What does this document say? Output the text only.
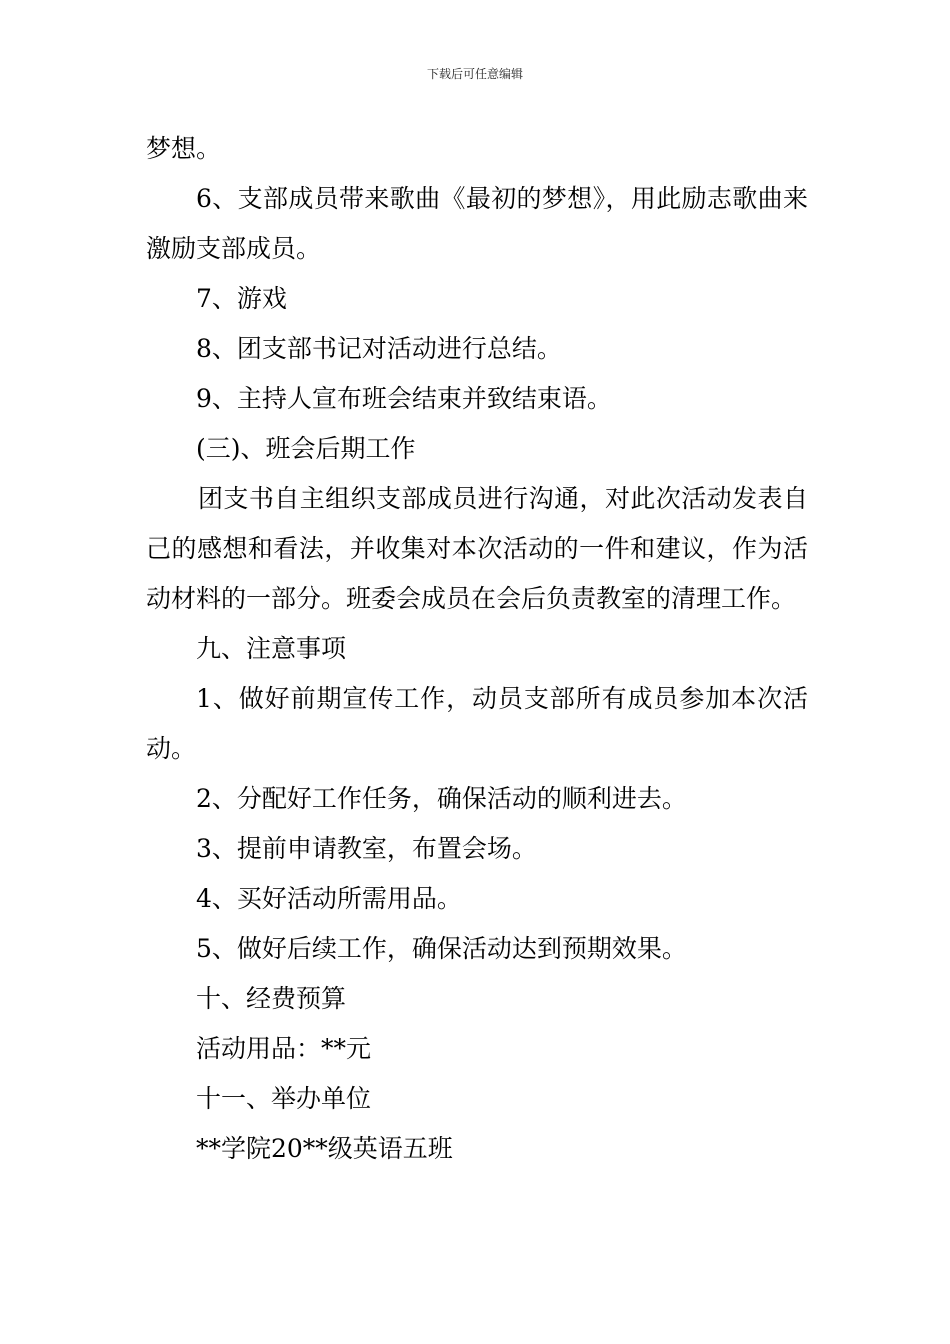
下载后可任意编辑

梦想。

6、支部成员带来歌曲《最初的梦想》，用此励志歌曲来激励支部成员。

7、游戏

8、团支部书记对活动进行总结。

9、主持人宣布班会结束并致结束语。

(三)、班会后期工作

团支书自主组织支部成员进行沟通，对此次活动发表自己的感想和看法，并收集对本次活动的一件和建议，作为活动材料的一部分。班委会成员在会后负责教室的清理工作。

九、注意事项

1、做好前期宣传工作，动员支部所有成员参加本次活动。

2、分配好工作任务，确保活动的顺利进去。

3、提前申请教室，布置会场。

4、买好活动所需用品。

5、做好后续工作，确保活动达到预期效果。

十、经费预算

活动用品：**元

十一、举办单位

**学院20**级英语五班
